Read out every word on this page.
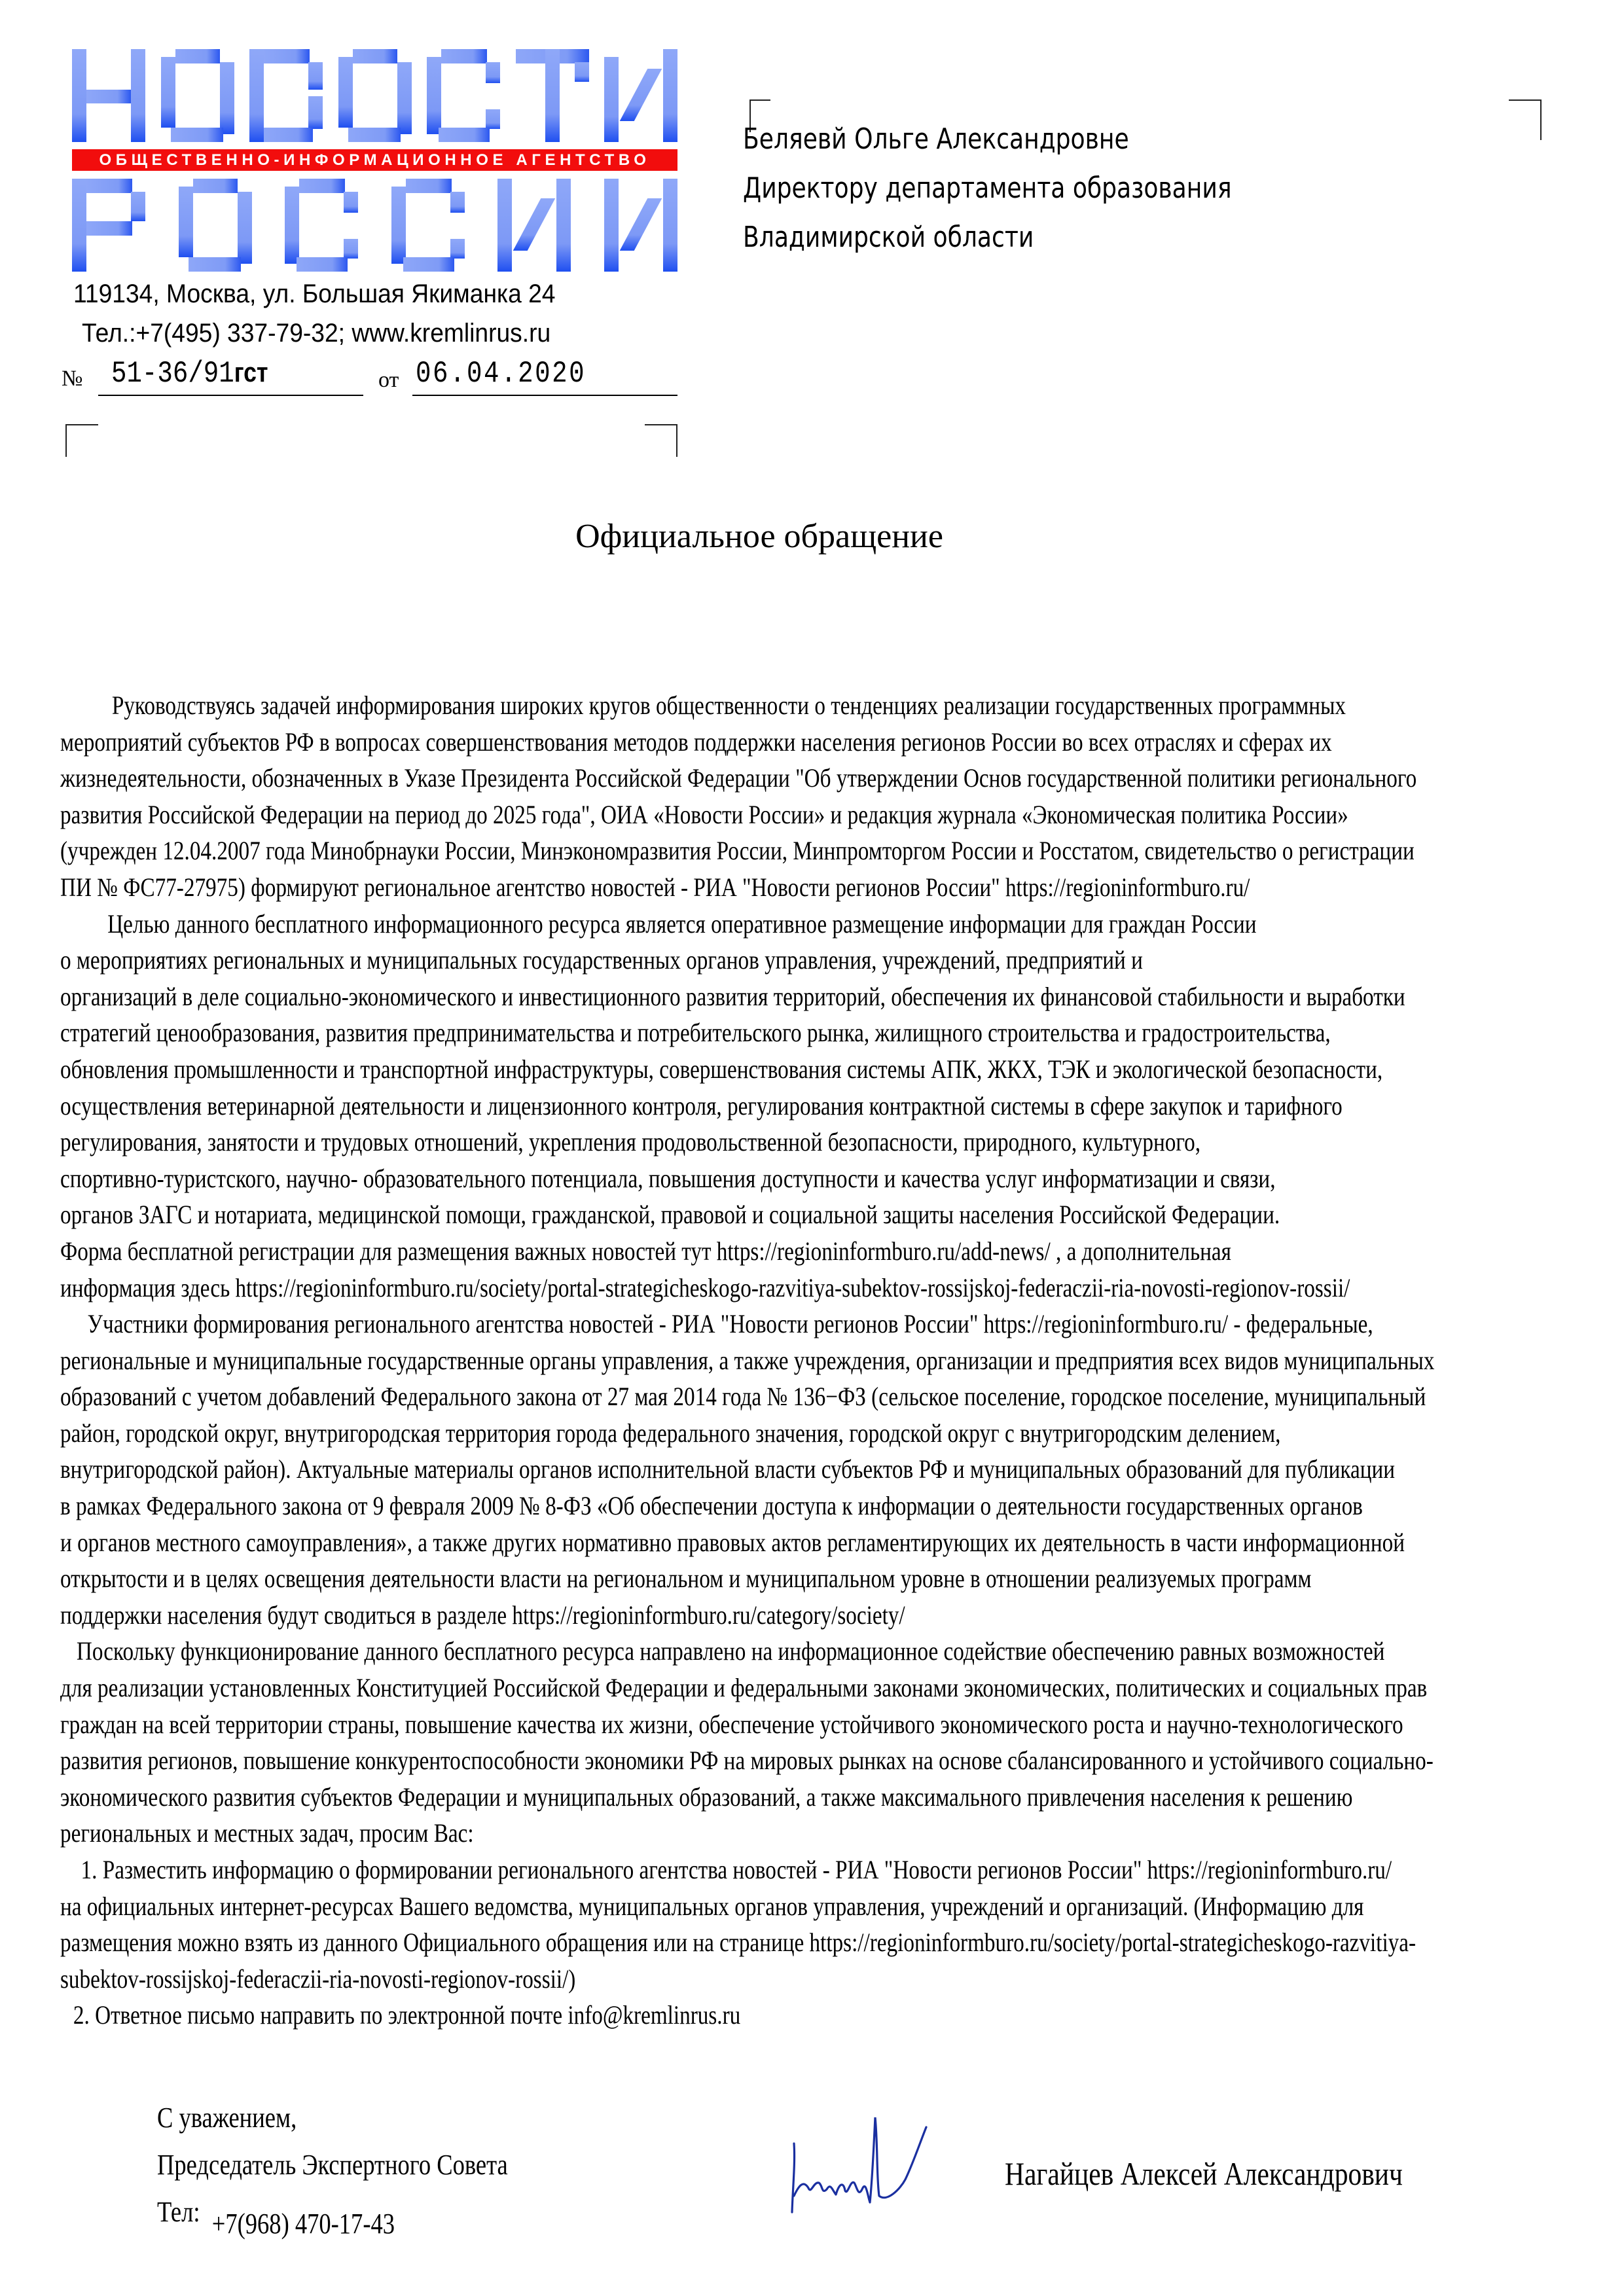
ОБЩЕСТВЕННО-ИНФОРМАЦИОННОЕ АГЕНТСТВО
119134, Москва, ул. Большая Якиманка 24
Тел.:+7(495) 337-79-32; www.kremlinrus.ru
№ 51-36/91гст	от 06.04.2020
Беляевй Ольге Александровне
Директору департамента образования
Владимирской области
Официальное обращение
Руководствуясь задачей информирования широких кругов общественности о тенденциях реализации государственных программных
мероприятий субъектов РФ в вопросах совершенствования методов поддержки населения регионов России во всех отраслях и сферах их
жизнедеятельности, обозначенных в Указе Президента Российской Федерации "Об утверждении Основ государственной политики регионального
развития Российской Федерации на период до 2025 года", ОИА «Новости России» и редакция журнала «Экономическая политика России»
(учрежден 12.04.2007 года Минобрнауки России, Минэкономразвития России, Минпромторгом России и Росстатом, свидетельство о регистрации
ПИ № ФС77-27975) формируют региональное агентство новостей - РИА "Новости регионов России" https://regioninformburo.ru/
Целью данного бесплатного информационного ресурса является оперативное размещение информации для граждан России
о мероприятиях региональных и муниципальных государственных органов управления, учреждений, предприятий и
организаций в деле социально-экономического и инвестиционного развития территорий, обеспечения их финансовой стабильности и выработки
стратегий ценообразования, развития предпринимательства и потребительского рынка, жилищного строительства и градостроительства,
обновления промышленности и транспортной инфраструктуры, совершенствования системы АПК, ЖКХ, ТЭК и экологической безопасности,
осуществления ветеринарной деятельности и лицензионного контроля, регулирования контрактной системы в сфере закупок и тарифного
регулирования, занятости и трудовых отношений, укрепления продовольственной безопасности, природного, культурного,
спортивно-туристского, научно- образовательного потенциала, повышения доступности и качества услуг информатизации и связи,
органов ЗАГС и нотариата, медицинской помощи, гражданской, правовой и социальной защиты населения Российской Федерации.
Форма бесплатной регистрации для размещения важных новостей тут https://regioninformburo.ru/add-news/ , а дополнительная
информация здесь https://regioninformburo.ru/society/portal-strategicheskogo-razvitiya-subektov-rossijskoj-federaczii-ria-novosti-regionov-rossii/
Участники формирования регионального агентства новостей - РИА "Новости регионов России" https://regioninformburo.ru/ - федеральные,
региональные и муниципальные государственные органы управления, а также учреждения, организации и предприятия всех видов муниципальных
образований с учетом добавлений Федерального закона от 27 мая 2014 года № 136−ФЗ (сельское поселение, городское поселение, муниципальный
район, городской округ, внутригородская территория города федерального значения, городской округ с внутригородским делением,
внутригородской район). Актуальные материалы органов исполнительной власти субъектов РФ и муниципальных образований для публикации
в рамках Федерального закона от 9 февраля 2009 № 8-ФЗ «Об обеспечении доступа к информации о деятельности государственных органов
и органов местного самоуправления», а также других нормативно правовых актов регламентирующих их деятельность в части информационной
открытости и в целях освещения деятельности власти на региональном и муниципальном уровне в отношении реализуемых программ
поддержки населения будут сводиться в разделе https://regioninformburo.ru/category/society/
Поскольку функционирование данного бесплатного ресурса направлено на информационное содействие обеспечению равных возможностей
для реализации установленных Конституцией Российской Федерации и федеральными законами экономических, политических и социальных прав
граждан на всей территории страны, повышение качества их жизни, обеспечение устойчивого экономического роста и научно-технологического
развития регионов, повышение конкурентоспособности экономики РФ на мировых рынках на основе сбалансированного и устойчивого социально-
экономического развития субъектов Федерации и муниципальных образований, а также максимального привлечения населения к решению
региональных и местных задач, просим Вас:
1. Разместить информацию о формировании регионального агентства новостей - РИА "Новости регионов России" https://regioninformburo.ru/
на официальных интернет-ресурсах Вашего ведомства, муниципальных органов управления, учреждений и организаций. (Информацию для
размещения можно взять из данного Официального обращения или на странице https://regioninformburo.ru/society/portal-strategicheskogo-razvitiya-
subektov-rossijskoj-federaczii-ria-novosti-regionov-rossii/)
2. Ответное письмо направить по электронной почте info@kremlinrus.ru
С уважением,
Председатель Экспертного Совета
Тел: +7(968) 470-17-43
Нагайцев Алексей Александрович
